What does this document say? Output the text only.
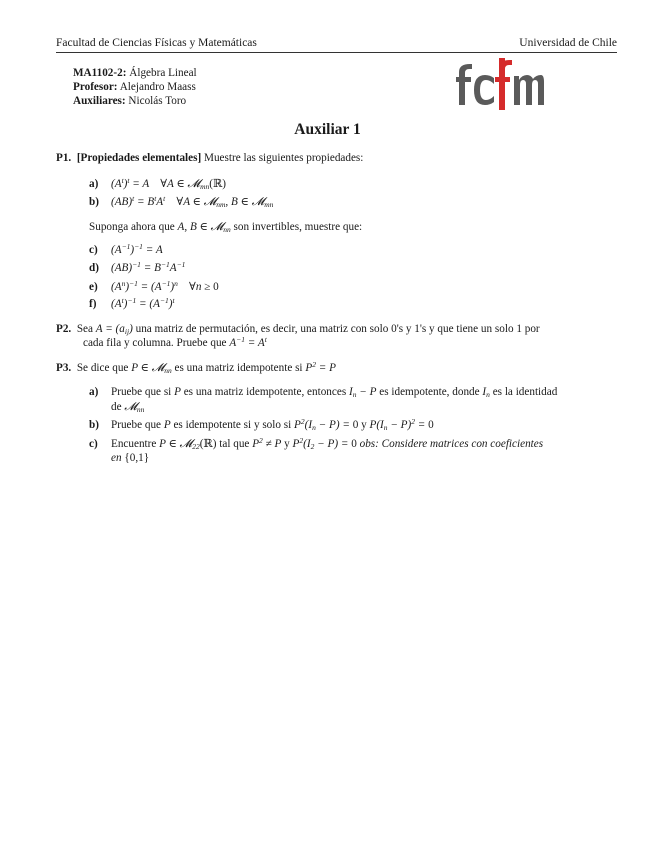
Facultad de Ciencias Físicas y Matemáticas	Universidad de Chile
MA1102-2: Álgebra Lineal
Profesor: Alejandro Maass
Auxiliares: Nicolás Toro
Auxiliar 1
P1. [Propiedades elementales] Muestre las siguientes propiedades:
a) $(A^t)^t = A$    ∀A ∈ 𝓜$_{mn}$(ℝ)
b) $(AB)^t = B^tA^t$ ∀A ∈ 𝓜$_{nm}$, B ∈ 𝓜$_{mn}$
Suponga ahora que A, B ∈ 𝓜$_{nn}$ son invertibles, muestre que:
c) $(A^{-1})^{-1} = A$
d) $(AB)^{-1} = B^{-1}A^{-1}$
e) $(A^n)^{-1} = (A^{-1})^n$ ∀n ≥ 0
f) $(A^t)^{-1} = (A^{-1})^t$
P2. Sea $A = (a_{ij})$ una matriz de permutación, es decir, una matriz con solo 0's y 1's y que tiene un solo 1 por
cada fila y columna. Pruebe que $A^{-1} = A^t$
P3. Se dice que P ∈ 𝓜$_{nn}$ es una matriz idempotente si $P^2 = P$
a) Pruebe que si P es una matriz idempotente, entonces $I_n - P$ es idempotente, donde $I_n$ es la identidad
de 𝓜$_{nn}$
b) Pruebe que P es idempotente si y solo si $P^2(I_n - P) = 0$ y $P(I_n - P)^2 = 0$
c) Encuentre P ∈ 𝓜$_{22}$(ℝ) tal que $P^2 \ne P$ y $P^2(I_2 - P) = 0$ obs: Considere matrices con coeficientes
en {0,1}
